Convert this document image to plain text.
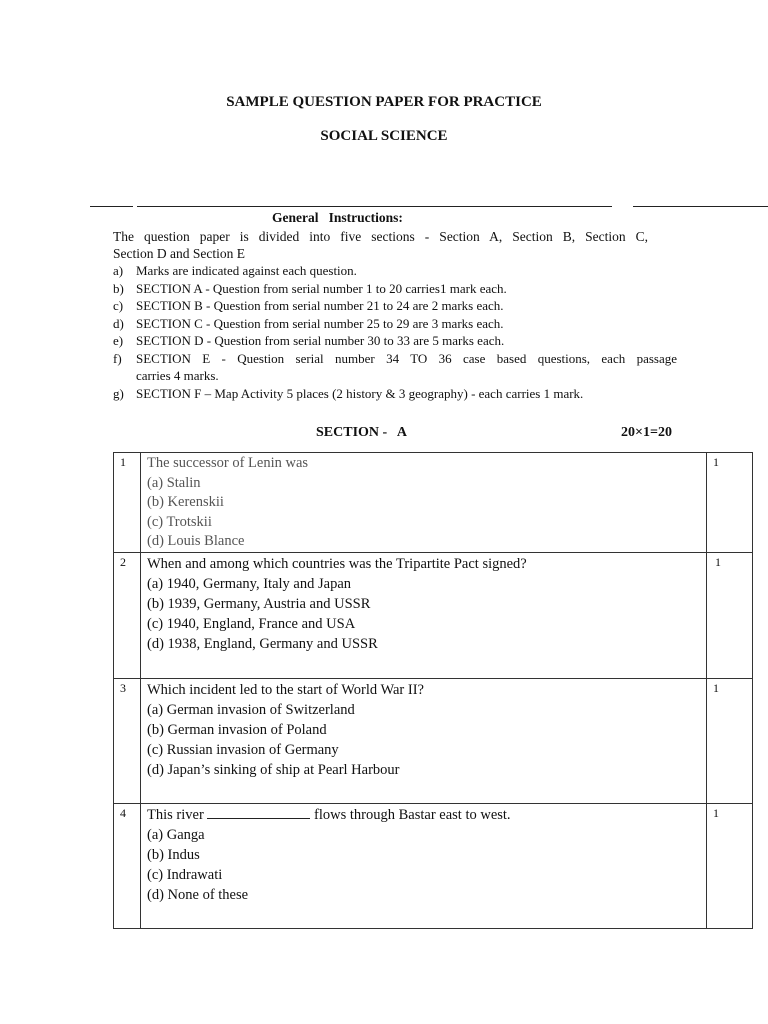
SAMPLE QUESTION PAPER FOR PRACTICE
SOCIAL SCIENCE
General   Instructions:
The question paper is divided into five sections - Section A, Section B, Section C,
Section D and Section E
a) Marks are indicated against each question.
b) SECTION A - Question from serial number 1 to 20 carries1 mark each.
c) SECTION B - Question from serial number 21 to 24 are 2 marks each.
d) SECTION C - Question from serial number 25 to 29 are 3 marks each.
e) SECTION D - Question from serial number 30 to 33 are 5 marks each.
f) SECTION E - Question serial number 34 TO 36 case based questions, each passage
carries 4 marks.
g) SECTION F – Map Activity 5 places (2 history & 3 geography) - each carries 1 mark.
SECTION -   A	20×1=20
1	The successor of Lenin was
(a) Stalin
(b) Kerenskii
(c) Trotskii
(d) Louis Blance	1
2	When and among which countries was the Tripartite Pact signed?
(a) 1940, Germany, Italy and Japan
(b) 1939, Germany, Austria and USSR
(c) 1940, England, France and USA
(d) 1938, England, Germany and USSR	1
3	Which incident led to the start of World War II?
(a) German invasion of Switzerland
(b) German invasion of Poland
(c) Russian invasion of Germany
(d) Japan’s sinking of ship at Pearl Harbour	1
4	This river flows through Bastar east to west.
(a) Ganga
(b) Indus
(c) Indrawati
(d) None of these	1
